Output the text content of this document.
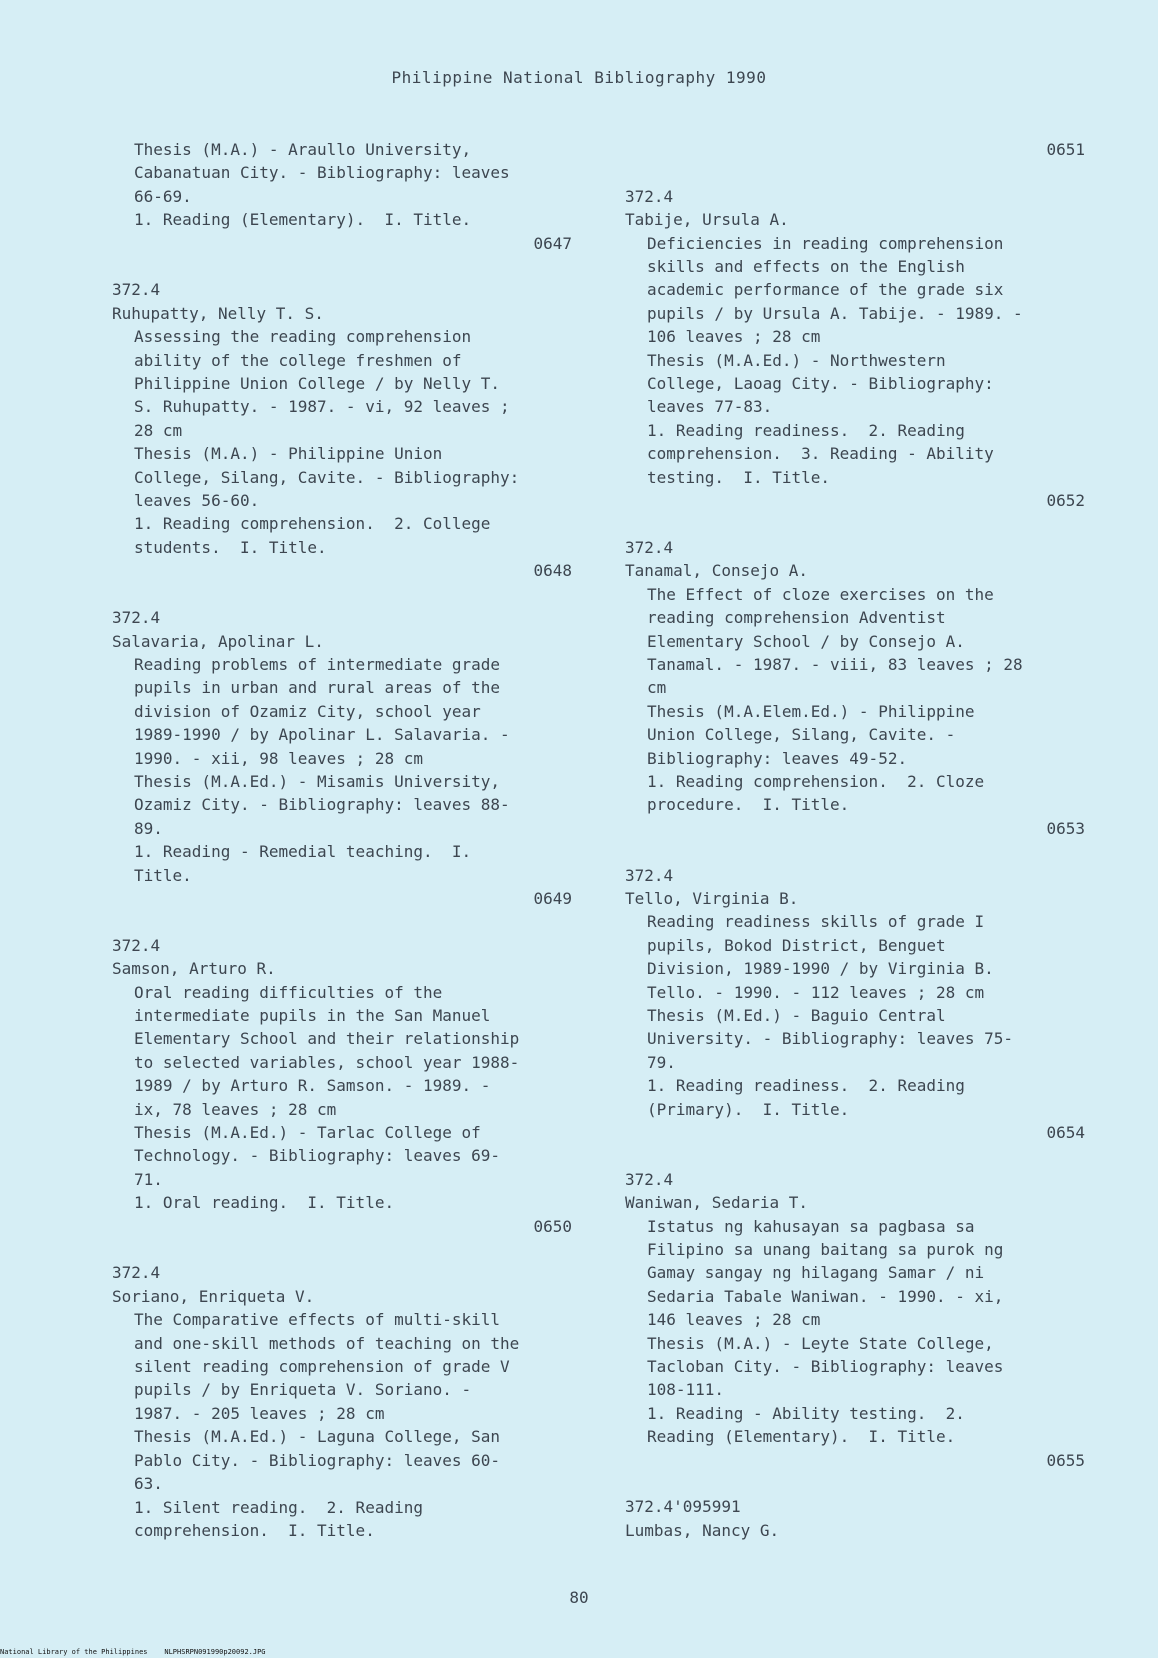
Philippine National Bibliography 1990

Thesis (M.A.) - Araullo University,
Cabanatuan City. - Bibliography: leaves
66-69.

1. Reading (Elementary).  I. Title.

0647

372.4

Ruhupatty, Nelly T. S.

Assessing the reading comprehension
ability of the college freshmen of
Philippine Union College / by Nelly T.
S. Ruhupatty. - 1987. - vi, 92 leaves ;
28 cm

Thesis (M.A.) - Philippine Union
College, Silang, Cavite. - Bibliography:
leaves 56-60.

1. Reading comprehension.  2. College
students.  I. Title.

0648

372.4

Salavaria, Apolinar L.

Reading problems of intermediate grade
pupils in urban and rural areas of the
division of Ozamiz City, school year
1989-1990 / by Apolinar L. Salavaria. -
1990. - xii, 98 leaves ; 28 cm

Thesis (M.A.Ed.) - Misamis University,
Ozamiz City. - Bibliography: leaves 88-
89.

1. Reading - Remedial teaching.  I.
Title.

0649

372.4

Samson, Arturo R.

Oral reading difficulties of the
intermediate pupils in the San Manuel
Elementary School and their relationship
to selected variables, school year 1988-
1989 / by Arturo R. Samson. - 1989. -
ix, 78 leaves ; 28 cm

Thesis (M.A.Ed.) - Tarlac College of
Technology. - Bibliography: leaves 69-
71.

1. Oral reading.  I. Title.

0650

372.4

Soriano, Enriqueta V.

The Comparative effects of multi-skill
and one-skill methods of teaching on the
silent reading comprehension of grade V
pupils / by Enriqueta V. Soriano. -
1987. - 205 leaves ; 28 cm

Thesis (M.A.Ed.) - Laguna College, San
Pablo City. - Bibliography: leaves 60-
63.

1. Silent reading.  2. Reading
comprehension.  I. Title.

0651

372.4

Tabije, Ursula A.

Deficiencies in reading comprehension
skills and effects on the English
academic performance of the grade six
pupils / by Ursula A. Tabije. - 1989. -
106 leaves ; 28 cm

Thesis (M.A.Ed.) - Northwestern
College, Laoag City. - Bibliography:
leaves 77-83.

1. Reading readiness.  2. Reading
comprehension.  3. Reading - Ability
testing.  I. Title.

0652

372.4

Tanamal, Consejo A.

The Effect of cloze exercises on the
reading comprehension Adventist
Elementary School / by Consejo A.
Tanamal. - 1987. - viii, 83 leaves ; 28
cm

Thesis (M.A.Elem.Ed.) - Philippine
Union College, Silang, Cavite. -
Bibliography: leaves 49-52.

1. Reading comprehension.  2. Cloze
procedure.  I. Title.

0653

372.4

Tello, Virginia B.

Reading readiness skills of grade I
pupils, Bokod District, Benguet
Division, 1989-1990 / by Virginia B.
Tello. - 1990. - 112 leaves ; 28 cm

Thesis (M.Ed.) - Baguio Central
University. - Bibliography: leaves 75-
79.

1. Reading readiness.  2. Reading
(Primary).  I. Title.

0654

372.4

Waniwan, Sedaria T.

Istatus ng kahusayan sa pagbasa sa
Filipino sa unang baitang sa purok ng
Gamay sangay ng hilagang Samar / ni
Sedaria Tabale Waniwan. - 1990. - xi,
146 leaves ; 28 cm

Thesis (M.A.) - Leyte State College,
Tacloban City. - Bibliography: leaves
108-111.

1. Reading - Ability testing.  2.
Reading (Elementary).  I. Title.

0655

372.4'095991

Lumbas, Nancy G.

80
National Library of the Philippines NLPHSRPN091990p20092.JPG
